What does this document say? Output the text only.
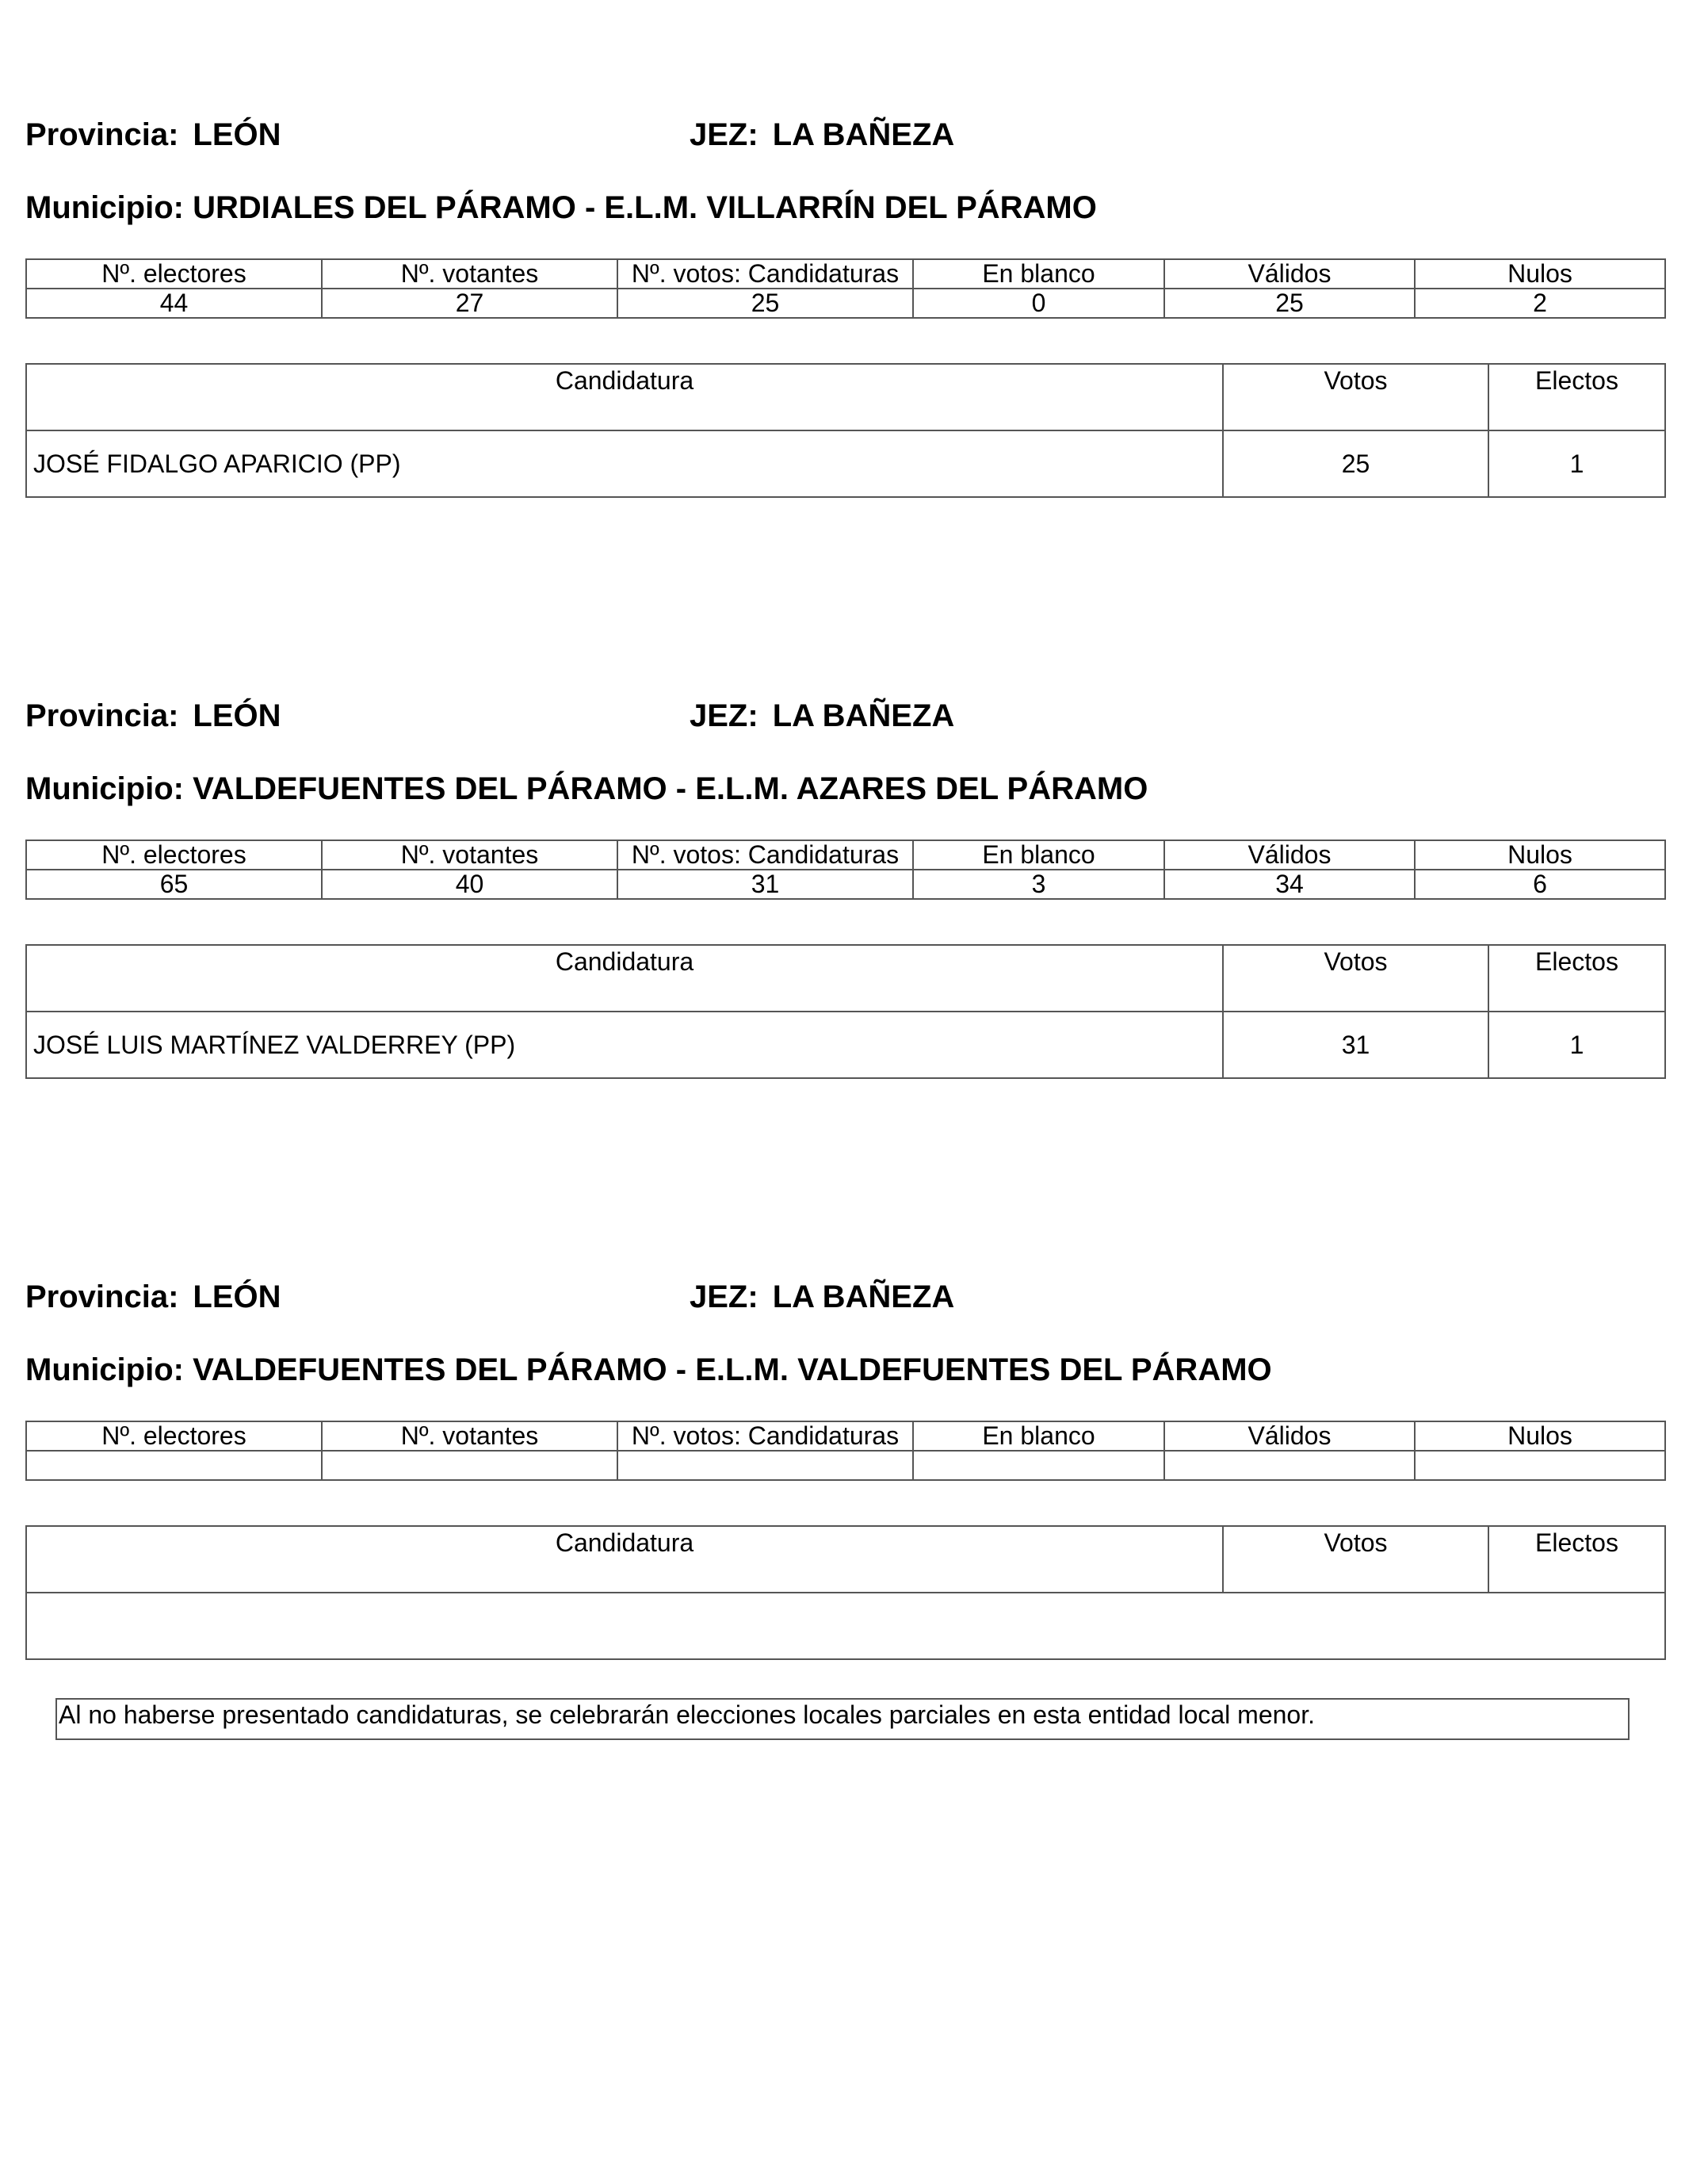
Provincia: LEÓN	JEZ: LA BAÑEZA
Municipio: URDIALES DEL PÁRAMO - E.L.M. VILLARRÍN DEL PÁRAMO
Nº. electores	Nº. votantes	Nº. votos: Candidaturas	En blanco	Válidos	Nulos
44	27	25	0	25	2
Candidatura	Votos	Electos
JOSÉ FIDALGO APARICIO (PP)	25	1
Provincia: LEÓN	JEZ: LA BAÑEZA
Municipio: VALDEFUENTES DEL PÁRAMO - E.L.M. AZARES DEL PÁRAMO
Nº. electores	Nº. votantes	Nº. votos: Candidaturas	En blanco	Válidos	Nulos
65	40	31	3	34	6
Candidatura	Votos	Electos
JOSÉ LUIS MARTÍNEZ VALDERREY (PP)	31	1
Provincia: LEÓN	JEZ: LA BAÑEZA
Municipio: VALDEFUENTES DEL PÁRAMO - E.L.M. VALDEFUENTES DEL PÁRAMO
Nº. electores	Nº. votantes	Nº. votos: Candidaturas	En blanco	Válidos	Nulos

Candidatura	Votos	Electos

Al no haberse presentado candidaturas, se celebrarán elecciones locales parciales en esta entidad local menor.
